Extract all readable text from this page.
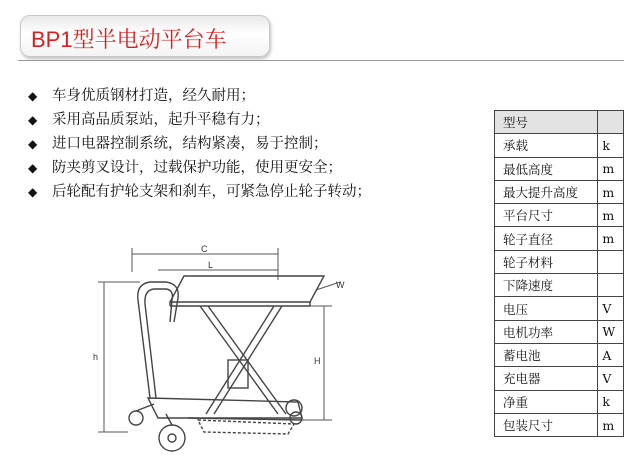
BP1型半电动平台车
◆	车身优质钢材打造，经久耐用；
◆	采用高品质泵站，起升平稳有力；
◆	进口电器控制系统，结构紧凑，易于控制；
◆	防夹剪叉设计，过载保护功能，使用更安全；
◆	后轮配有护轮支架和刹车，可紧急停止轮子转动；
型号	
承载	k
最低高度	m
最大提升高度	m
平台尺寸	m
轮子直径	m
轮子材料	
下降速度	
电压	V
电机功率	W
蓄电池	A
充电器	V
净重	k
包装尺寸	m
C
L
W
h	H
